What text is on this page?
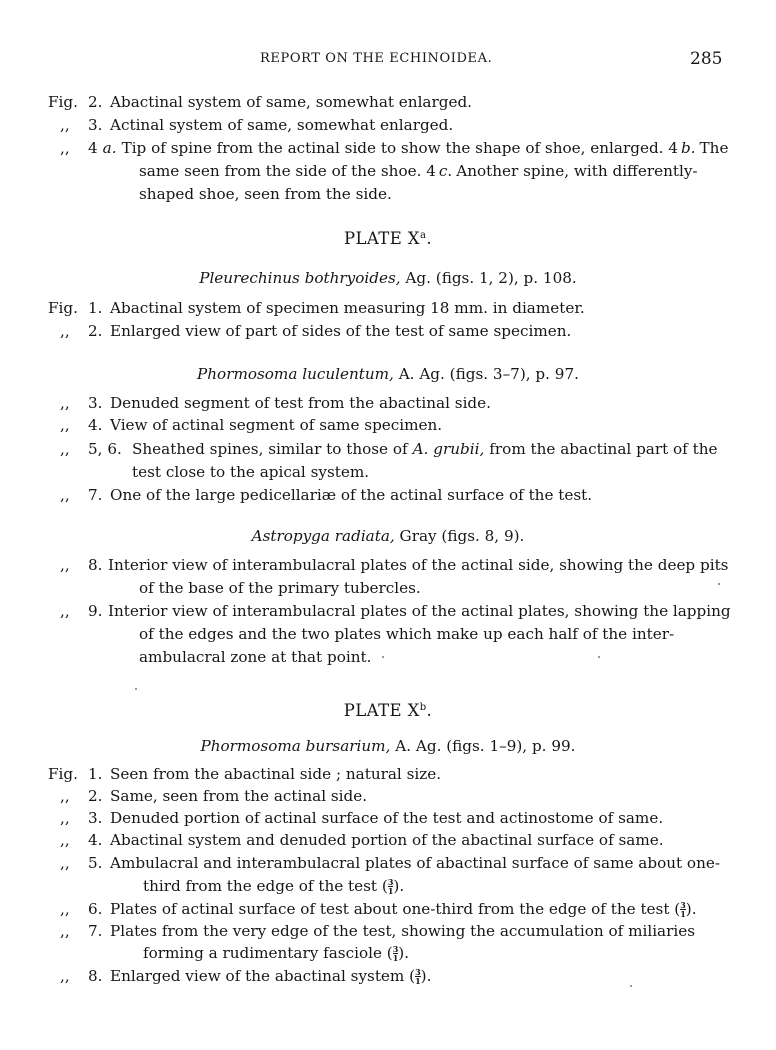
REPORT ON THE ECHINOIDEA.	285
Fig. 2. Abactinal system of same, somewhat enlarged.
,, 3. Actinal system of same, somewhat enlarged.
,, 4 a. Tip of spine from the actinal side to show the shape of shoe, enlarged. 4 b. The
same seen from the side of the shoe. 4 c. Another spine, with differently-
shaped shoe, seen from the side.
PLATE $X^a$.
Pleurechinus bothryoides, Ag. (figs. 1, 2), p. 108.
Fig. 1. Abactinal system of specimen measuring 18 mm. in diameter.
,, 2. Enlarged view of part of sides of the test of same specimen.
Phormosoma luculentum, A. Ag. (figs. 3–7), p. 97.
,, 3. Denuded segment of test from the abactinal side.
,, 4. View of actinal segment of same specimen.
,, 5, 6. Sheathed spines, similar to those of A. grubii, from the abactinal part of the
test close to the apical system.
,, 7. One of the large pedicellariæ of the actinal surface of the test.
Astropyga radiata, Gray (figs. 8, 9).
,, 8. Interior view of interambulacral plates of the actinal side, showing the deep pits
of the base of the primary tubercles.
,, 9. Interior view of interambulacral plates of the actinal plates, showing the lapping
of the edges and the two plates which make up each half of the inter-
ambulacral zone at that point.
PLATE $X^b$.
Phormosoma bursarium, A. Ag. (figs. 1–9), p. 99.
Fig. 1. Seen from the abactinal side ; natural size.
,, 2. Same, seen from the actinal side.
,, 3. Denuded portion of actinal surface of the test and actinostome of same.
,, 4. Abactinal system and denuded portion of the abactinal surface of same.
,, 5. Ambulacral and interambulacral plates of abactinal surface of same about one-
third from the edge of the test ( $\frac{3}{1}$ ).
,, 6. Plates of actinal surface of test about one-third from the edge of the test ( $\frac{3}{1}$ ).
,, 7. Plates from the very edge of the test, showing the accumulation of miliaries
forming a rudimentary fasciole ( $\frac{3}{1}$ ).
,, 8. Enlarged view of the abactinal system ( $\frac{3}{1}$ ).
